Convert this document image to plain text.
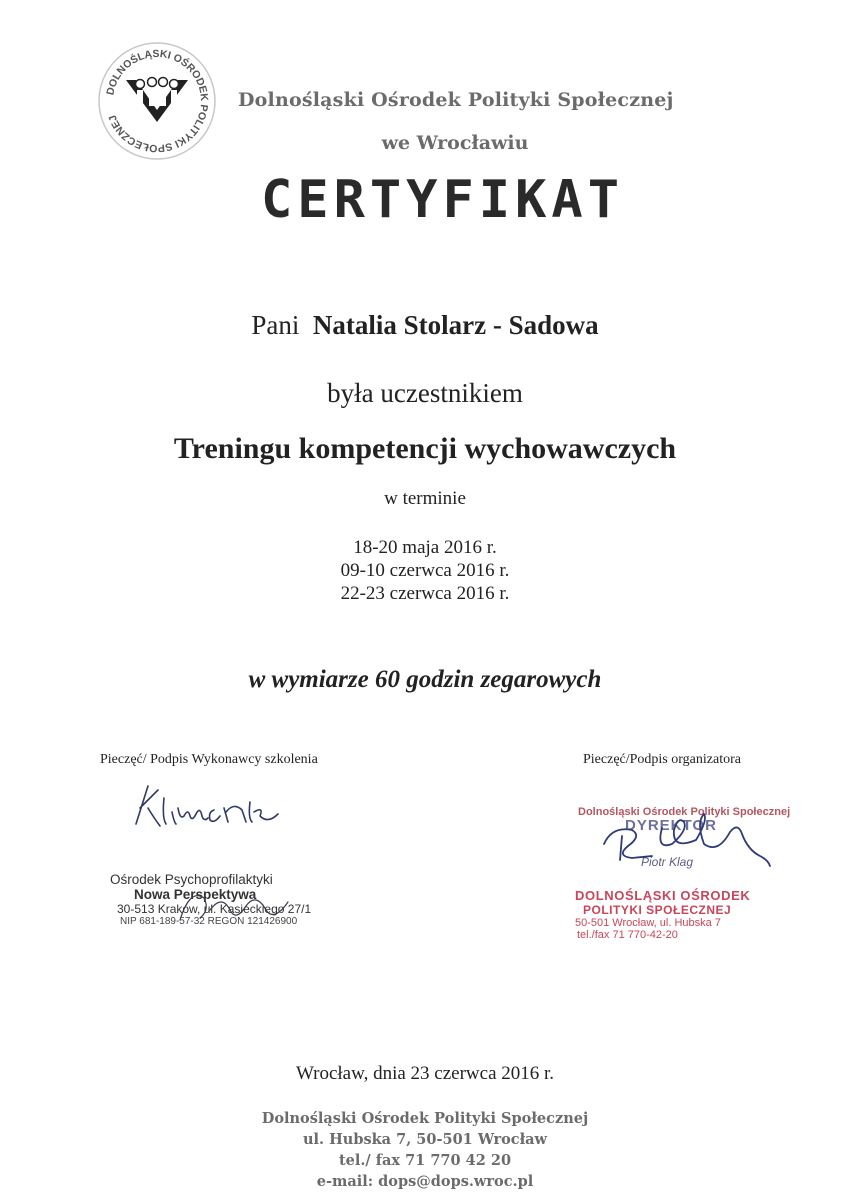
DOLNOŚLĄSKI OŚRODEK POLITYKI SPOŁECZNEJ
Dolnośląski Ośrodek Polityki Społecznej
we Wrocławiu
CERTYFIKAT
Pani Natalia Stolarz - Sadowa
była uczestnikiem
Treningu kompetencji wychowawczych
w terminie
18-20 maja 2016 r.
09-10 czerwca 2016 r.
22-23 czerwca 2016 r.
w wymiarze 60 godzin zegarowych
Pieczęć/ Podpis Wykonawcy szkolenia	Pieczęć/Podpis organizatora
Ośrodek Psychoprofilaktyki
Nowa Perspektywa
30-513 Kraków, ul. Kasieckiego 27/1
NIP 681-189-57-32 REGON 121426900
Dolnośląski Ośrodek Polityki Społecznej
DYREKTOR
Piotr Klag
DOLNOŚLĄSKI OŚRODEK
POLITYKI SPOŁECZNEJ
50-501 Wrocław, ul. Hubska 7
tel./fax 71 770-42-20
Wrocław, dnia 23 czerwca 2016 r.
Dolnośląski Ośrodek Polityki Społecznej
ul. Hubska 7, 50-501 Wrocław
tel./ fax 71 770 42 20
e-mail: dops@dops.wroc.pl
